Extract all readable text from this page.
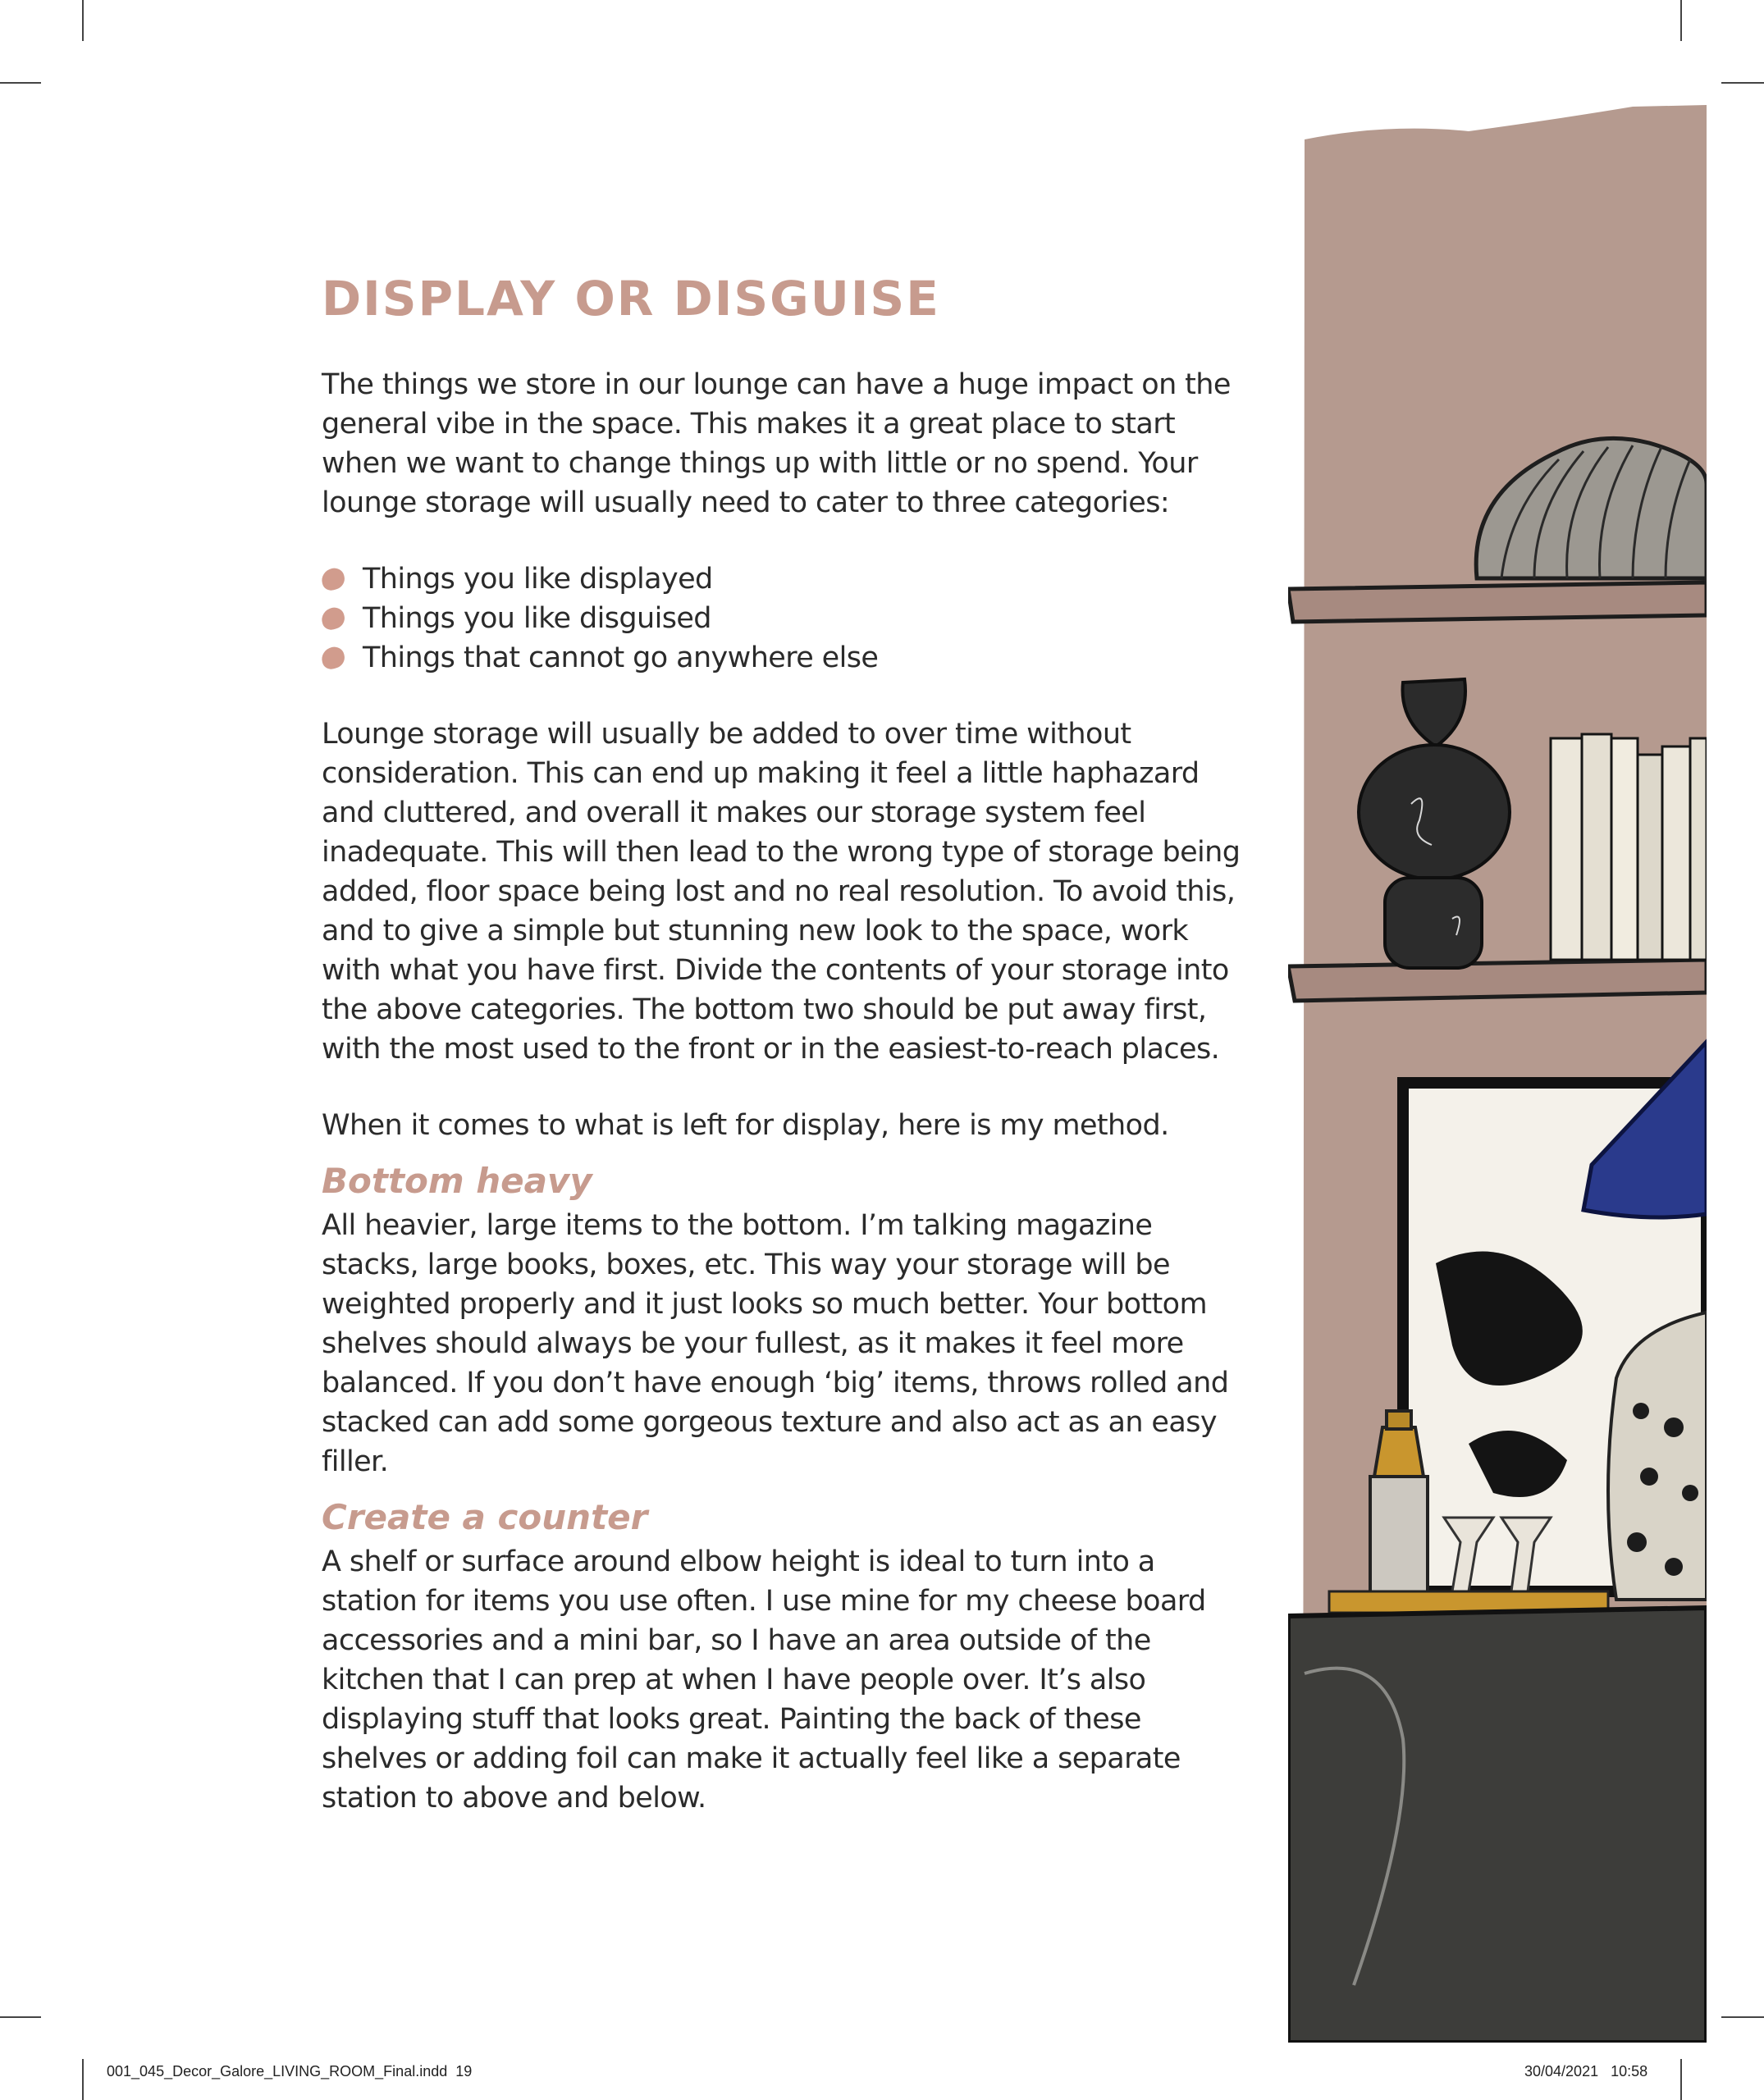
DISPLAY OR DISGUISE

The things we store in our lounge can have a huge impact on the general vibe in the space. This makes it a great place to start when we want to change things up with little or no spend. Your lounge storage will usually need to cater to three categories:

Things you like displayed
Things you like disguised
Things that cannot go anywhere else

Lounge storage will usually be added to over time without consideration. This can end up making it feel a little haphazard and cluttered, and overall it makes our storage system feel inadequate. This will then lead to the wrong type of storage being added, floor space being lost and no real resolution. To avoid this, and to give a simple but stunning new look to the space, work with what you have first. Divide the contents of your storage into the above categories. The bottom two should be put away first, with the most used to the front or in the easiest-to-reach places.

When it comes to what is left for display, here is my method.

Bottom heavy

All heavier, large items to the bottom. I’m talking magazine stacks, large books, boxes, etc. This way your storage will be weighted properly and it just looks so much better. Your bottom shelves should always be your fullest, as it makes it feel more balanced. If you don’t have enough ‘big’ items, throws rolled and stacked can add some gorgeous texture and also act as an easy filler.

Create a counter

A shelf or surface around elbow height is ideal to turn into a station for items you use often. I use mine for my cheese board accessories and a mini bar, so I have an area outside of the kitchen that I can prep at when I have people over. It’s also displaying stuff that looks great. Painting the back of these shelves or adding foil can make it actually feel like a separate station to above and below.

001_045_Decor_Galore_LIVING_ROOM_Final.indd 19	30/04/2021 10:58
